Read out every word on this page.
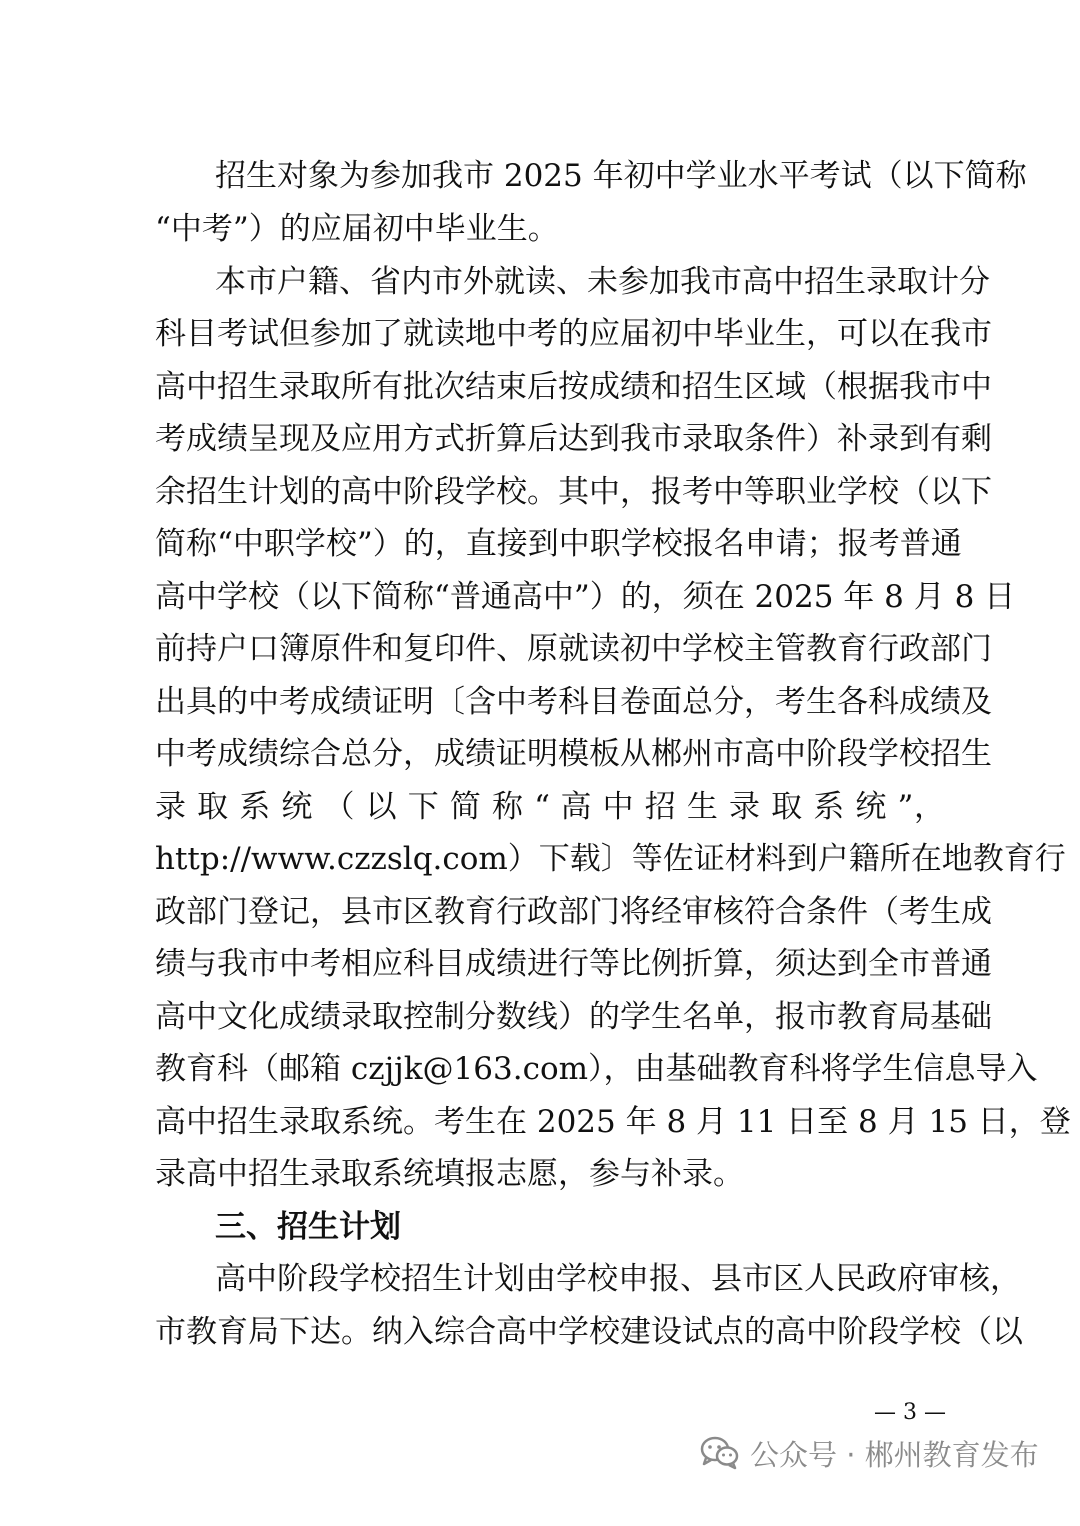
招生对象为参加我市 2025 年初中学业水平考试（以下简称
“中考”）的应届初中毕业生。
本市户籍、省内市外就读、未参加我市高中招生录取计分
科目考试但参加了就读地中考的应届初中毕业生，可以在我市
高中招生录取所有批次结束后按成绩和招生区域（根据我市中
考成绩呈现及应用方式折算后达到我市录取条件）补录到有剩
余招生计划的高中阶段学校。其中，报考中等职业学校（以下
简称“中职学校”）的，直接到中职学校报名申请；报考普通
高中学校（以下简称“普通高中”）的，须在 2025 年 8 月 8 日
前持户口簿原件和复印件、原就读初中学校主管教育行政部门
出具的中考成绩证明〔含中考科目卷面总分，考生各科成绩及
中考成绩综合总分，成绩证明模板从郴州市高中阶段学校招生
录 取 系 统 （ 以 下 简 称 “ 高 中 招 生 录 取 系 统 ”，
http://www.czzslq.com）下载〕等佐证材料到户籍所在地教育行
政部门登记，县市区教育行政部门将经审核符合条件（考生成
绩与我市中考相应科目成绩进行等比例折算，须达到全市普通
高中文化成绩录取控制分数线）的学生名单，报市教育局基础
教育科（邮箱 czjjk@163.com），由基础教育科将学生信息导入
高中招生录取系统。考生在 2025 年 8 月 11 日至 8 月 15 日，登
录高中招生录取系统填报志愿，参与补录。
三、招生计划
高中阶段学校招生计划由学校申报、县市区人民政府审核，
市教育局下达。纳入综合高中学校建设试点的高中阶段学校（以
— 3 —
公众号 · 郴州教育发布
